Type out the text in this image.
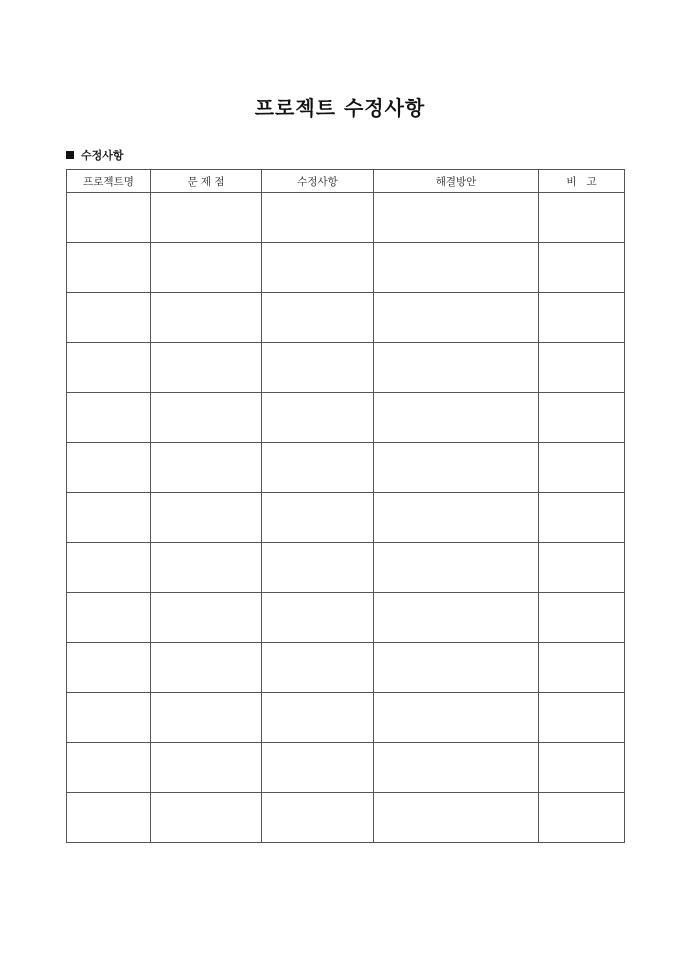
프로젝트 수정사항
수정사항
프로젝트명	문 제 점	수정사항	해결방안	비   고
